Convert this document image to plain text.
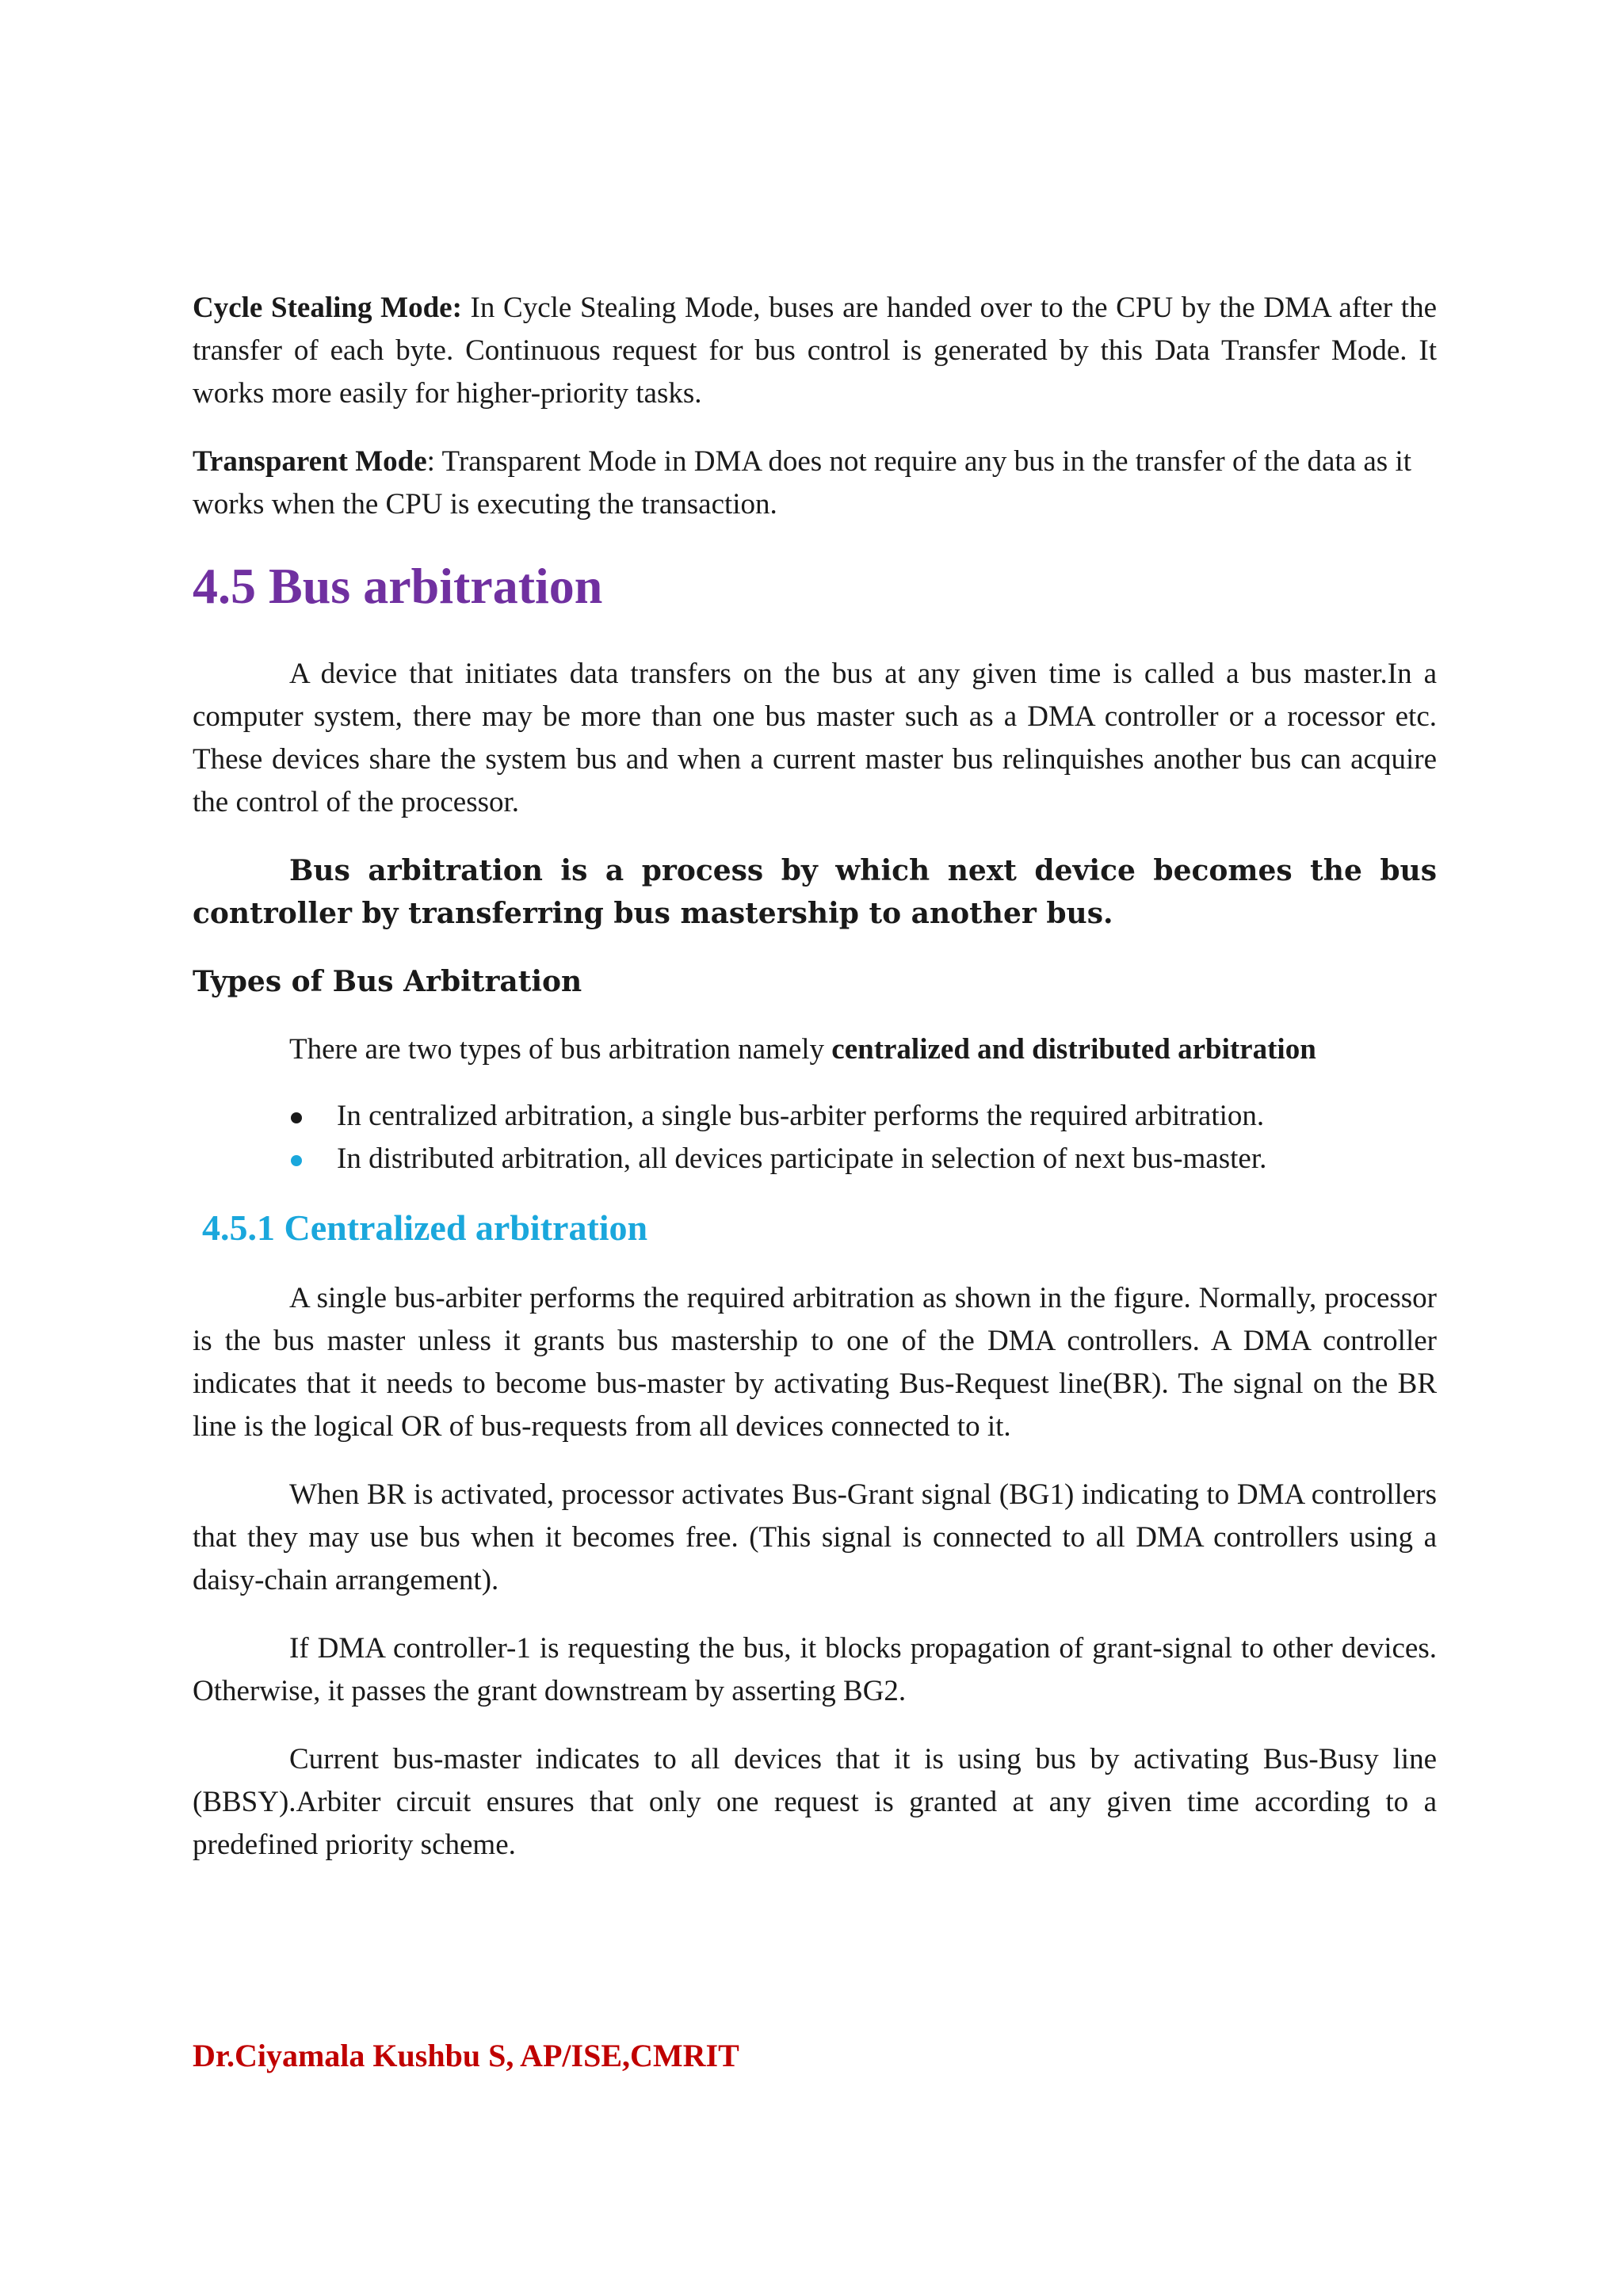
Cycle Stealing Mode: In Cycle Stealing Mode, buses are handed over to the CPU by the DMA after the transfer of each byte. Continuous request for bus control is generated by this Data Transfer Mode. It works more easily for higher-priority tasks.

Transparent Mode: Transparent Mode in DMA does not require any bus in the transfer of the data as it works when the CPU is executing the transaction.

4.5 Bus arbitration

A device that initiates data transfers on the bus at any given time is called a bus master.In a computer system, there may be more than one bus master such as a DMA controller or a rocessor etc. These devices share the system bus and when a current master bus relinquishes another bus can acquire the control of the processor.

Bus arbitration is a process by which next device becomes the bus controller by transferring bus mastership to another bus.

Types of Bus Arbitration

There are two types of bus arbitration namely centralized and distributed arbitration

In centralized arbitration, a single bus-arbiter performs the required arbitration.
In distributed arbitration, all devices participate in selection of next bus-master.
4.5.1 Centralized arbitration

A single bus-arbiter performs the required arbitration as shown in the figure. Normally, processor is the bus master unless it grants bus mastership to one of the DMA controllers. A DMA controller indicates that it needs to become bus-master by activating Bus-Request line(BR). The signal on the BR line is the logical OR of bus-requests from all devices connected to it.

When BR is activated, processor activates Bus-Grant signal (BG1) indicating to DMA controllers that they may use bus when it becomes free. (This signal is connected to all DMA controllers using a daisy-chain arrangement).

If DMA controller-1 is requesting the bus, it blocks propagation of grant-signal to other devices. Otherwise, it passes the grant downstream by asserting BG2.

Current bus-master indicates to all devices that it is using bus by activating Bus-Busy line (BBSY).Arbiter circuit ensures that only one request is granted at any given time according to a predefined priority scheme.

Dr.Ciyamala Kushbu S, AP/ISE,CMRIT
